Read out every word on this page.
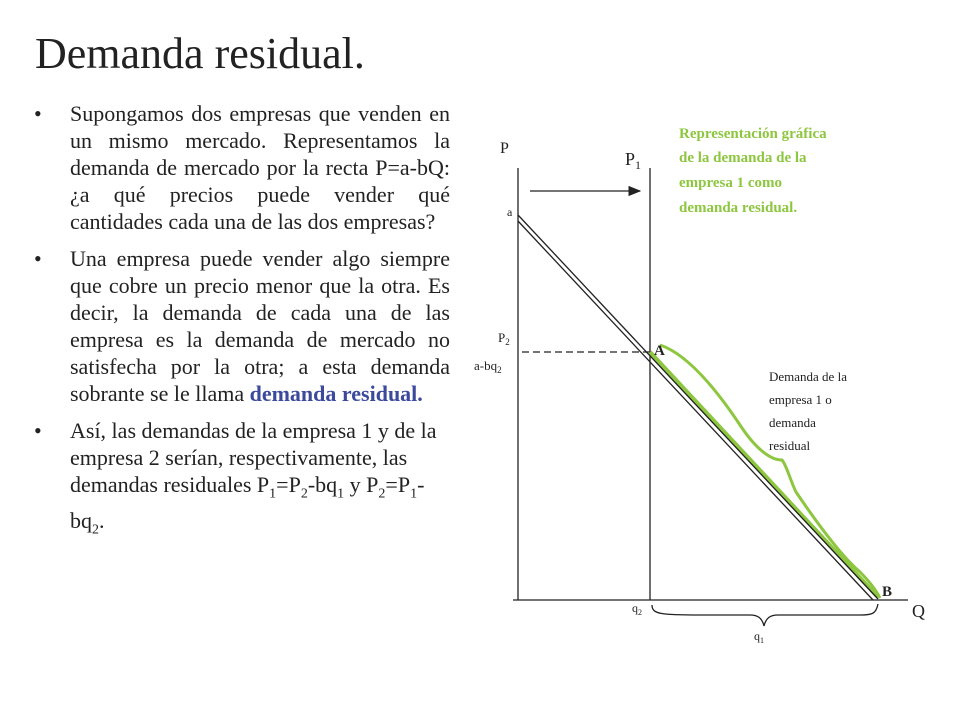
Demanda residual.
• Supongamos dos empresas que venden en un mismo mercado. Representamos la demanda de mercado por la recta P=a-bQ: ¿a qué precios puede vender qué cantidades cada una de las dos empresas?
• Una empresa puede vender algo siempre que cobre un precio menor que la otra. Es decir, la demanda de cada una de las empresa es la demanda de mercado no satisfecha por la otra; a esta demanda sobrante se le llama demanda residual.
• Así, las demandas de la empresa 1 y de la empresa 2 serían, respectivamente, las demandas residuales $P_1=P_2-bq_1$ y $P_2=P_1-bq_2$.
P
$P_1$
a
$P_2$
$a-bq_2$
A
B
Q
$q_2$
$q_1$
Representación gráfica
de la demanda de la
empresa 1 como
demanda residual.
Demanda de la
empresa 1 o
demanda
residual
